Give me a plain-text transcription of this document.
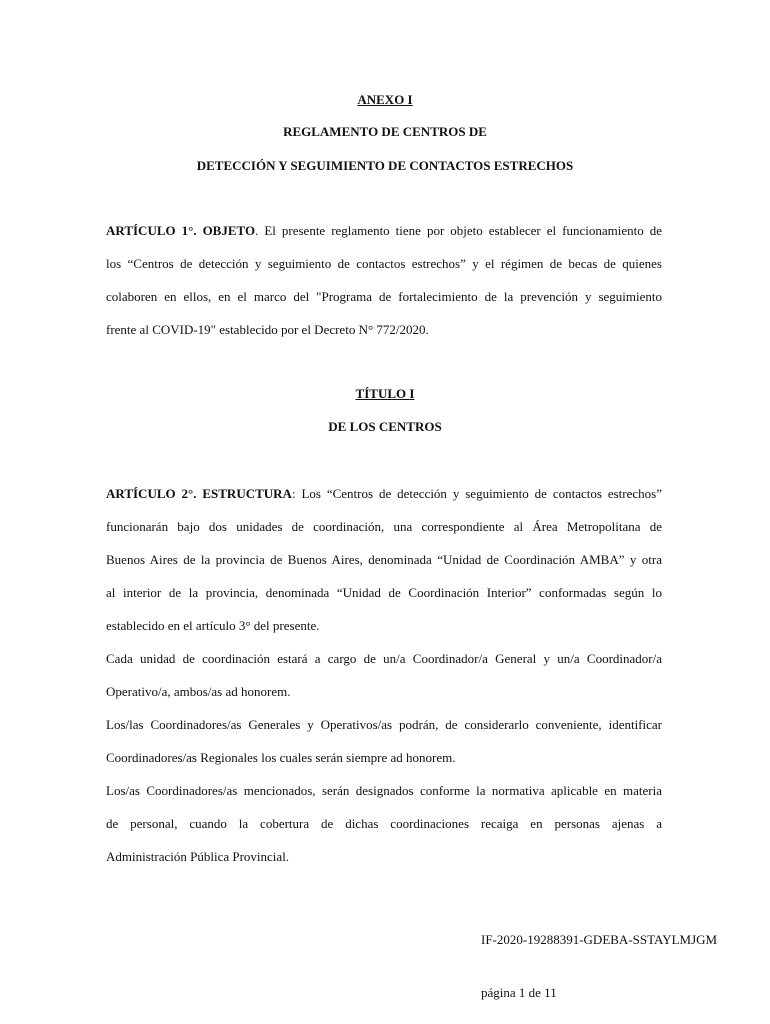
ANEXO I
REGLAMENTO DE CENTROS DE
DETECCIÓN Y SEGUIMIENTO DE CONTACTOS ESTRECHOS
ARTÍCULO 1°. OBJETO. El presente reglamento tiene por objeto establecer el funcionamiento de
los “Centros de detección y seguimiento de contactos estrechos” y el régimen de becas de quienes
colaboren en ellos, en el marco del "Programa de fortalecimiento de la prevención y seguimiento
frente al COVID-19" establecido por el Decreto N° 772/2020.
TÍTULO I
DE LOS CENTROS
ARTÍCULO 2°. ESTRUCTURA: Los “Centros de detección y seguimiento de contactos estrechos”
funcionarán bajo dos unidades de coordinación, una correspondiente al Área Metropolitana de
Buenos Aires de la provincia de Buenos Aires, denominada “Unidad de Coordinación AMBA” y otra
al interior de la provincia, denominada “Unidad de Coordinación Interior” conformadas según lo
establecido en el artículo 3° del presente.
Cada unidad de coordinación estará a cargo de un/a Coordinador/a General y un/a Coordinador/a
Operativo/a, ambos/as ad honorem.
Los/las Coordinadores/as Generales y Operativos/as podrán, de considerarlo conveniente, identificar
Coordinadores/as Regionales los cuales serán siempre ad honorem.
Los/as Coordinadores/as mencionados, serán designados conforme la normativa aplicable en materia
de personal, cuando la cobertura de dichas coordinaciones recaiga en personas ajenas a
Administración Pública Provincial.
IF-2020-19288391-GDEBA-SSTAYLMJGM
página 1 de 11
